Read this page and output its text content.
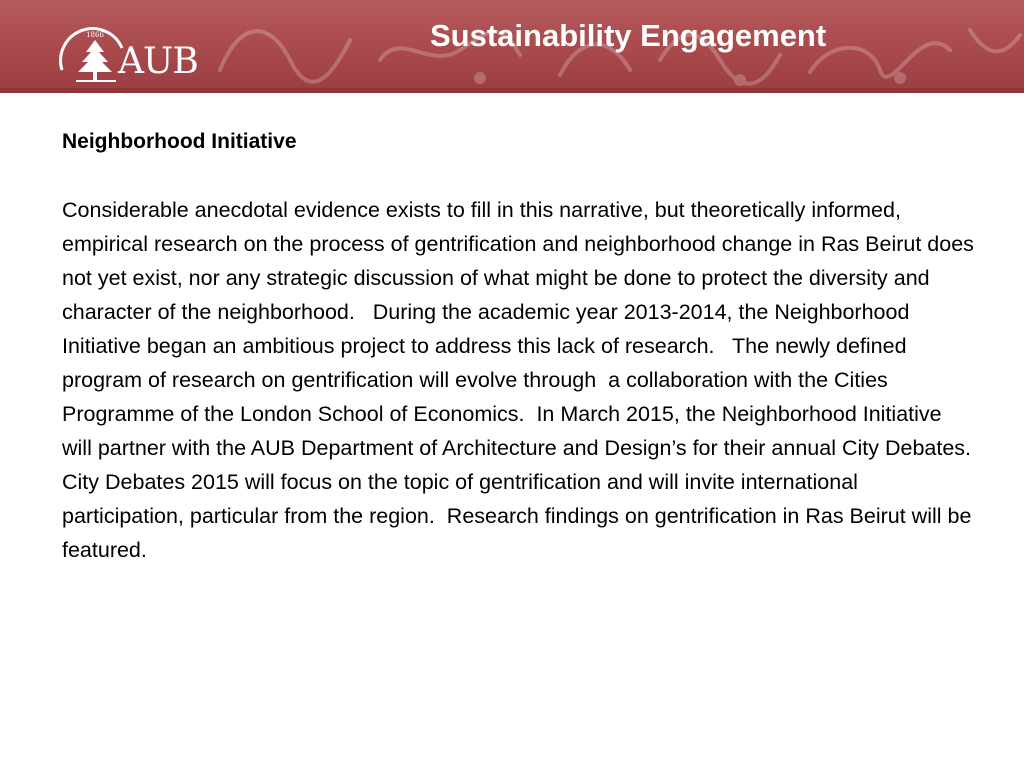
1866
AUB
Sustainability Engagement

Neighborhood Initiative

Considerable anecdotal evidence exists to fill in this narrative, but theoretically informed, empirical research on the process of gentrification and neighborhood change in Ras Beirut does not yet exist, nor any strategic discussion of what might be done to protect the diversity and character of the neighborhood.   During the academic year 2013-2014, the Neighborhood Initiative began an ambitious project to address this lack of research.   The newly defined program of research on gentrification will evolve through  a collaboration with the Cities Programme of the London School of Economics.  In March 2015, the Neighborhood Initiative will partner with the AUB Department of Architecture and Design’s for their annual City Debates.  City Debates 2015 will focus on the topic of gentrification and will invite international participation, particular from the region.  Research findings on gentrification in Ras Beirut will be featured.
